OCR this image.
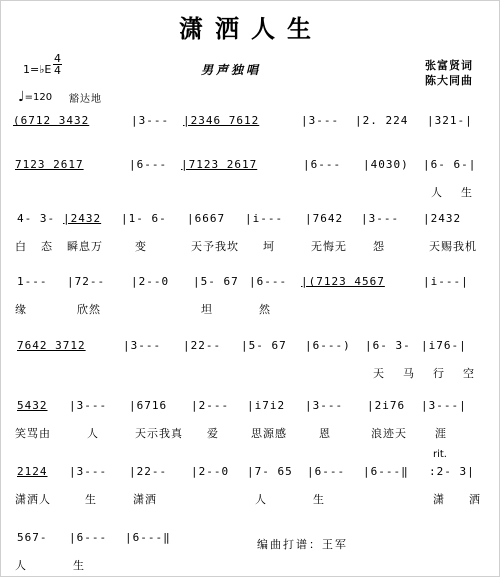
潇洒人生
男声独唱	张富贤词
陈大同曲
1=♭E
4
4
♩=120 豁达地
(6712 3432	|3--- |2346 7612	|3--- |2. 224 |321-|
7123 2617	|6--- |7123 2617	|6--- |4030) |6- 6-|
人 生
4- 3- |2432 |1- 6- |6667 |i--- |7642 |3--- |2432
白 态 瞬息万	变	天予我坎 坷	无悔无 怨	天赐我机
1--- |72-- |2--0 |5- 67 |6--- |(7123 4567	|i---|
缘	欣然	坦	然
7642 3712	|3--- |22-- |5- 67 |6---) |6- 3- |i76-|
天 马 行 空
5432 |3--- |6716 |2--- |i7i2 |3--- |2i76 |3---|
笑骂由	人	天示我真 爱	思源感	恩	浪迹天	涯
rit.
2124 |3--- |22-- |2--0 |7- 65 |6--- |6---‖ :2- 3|
潇洒人	生	潇洒	人	生	潇 洒
567- |6--- |6---‖
人	生
编曲打谱：王军
